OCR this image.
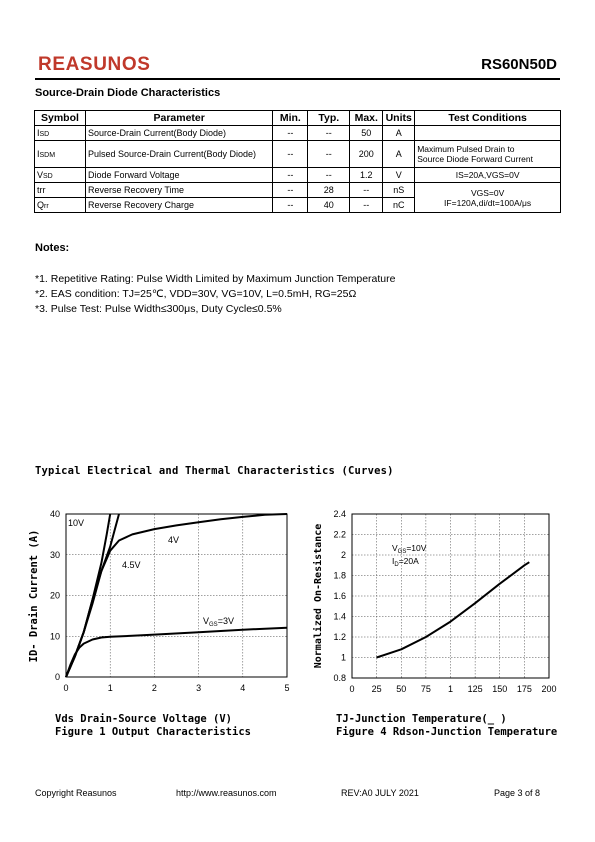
REASUNOS	RS60N50D
Source-Drain Diode Characteristics
Symbol	Parameter	Min.	Typ.	Max.	Units	Test Conditions
ISD	Source-Drain Current(Body Diode)	--	--	50	A	
ISDM	Pulsed Source-Drain Current(Body Diode)	--	--	200	A	Maximum Pulsed Drain to
Source Diode Forward Current

VSD	Diode Forward Voltage	--	--	1.2	V	IS=20A,VGS=0V
trr	Reverse Recovery Time	--	28	--	nS	VGS=0V
IF=120A,di/dt=100A/μs

Qrr	Reverse Recovery Charge	--	40	--	nC	
Notes:
*1. Repetitive Rating: Pulse Width Limited by Maximum Junction Temperature
*2. EAS condition: TJ=25℃, VDD=30V, VG=10V, L=0.5mH, RG=25Ω
*3. Pulse Test: Pulse Width≤300μs, Duty Cycle≤0.5%
Typical Electrical and Thermal Characteristics (Curves)
0	1	2	3	4	5
0
10
20
30
40
10V
4.5V
4V
$V_{GS}=3V$
ID- Drain Current (A)
Vds Drain-Source Voltage (V)
Figure 1 Output Characteristics
0 25 50 75 1 125 150 175 200
0.8
1
1.2
1.4
1.6
1.8
2
2.2
2.4
$V_{GS}=10V$
$I_D=20A$
Normalized On-Resistance
TJ-Junction Temperature(_ )
Figure 4 Rdson-Junction Temperature
Copyright Reasunos	http://www.reasunos.com	REV:A0 JULY 2021	Page 3 of 8
